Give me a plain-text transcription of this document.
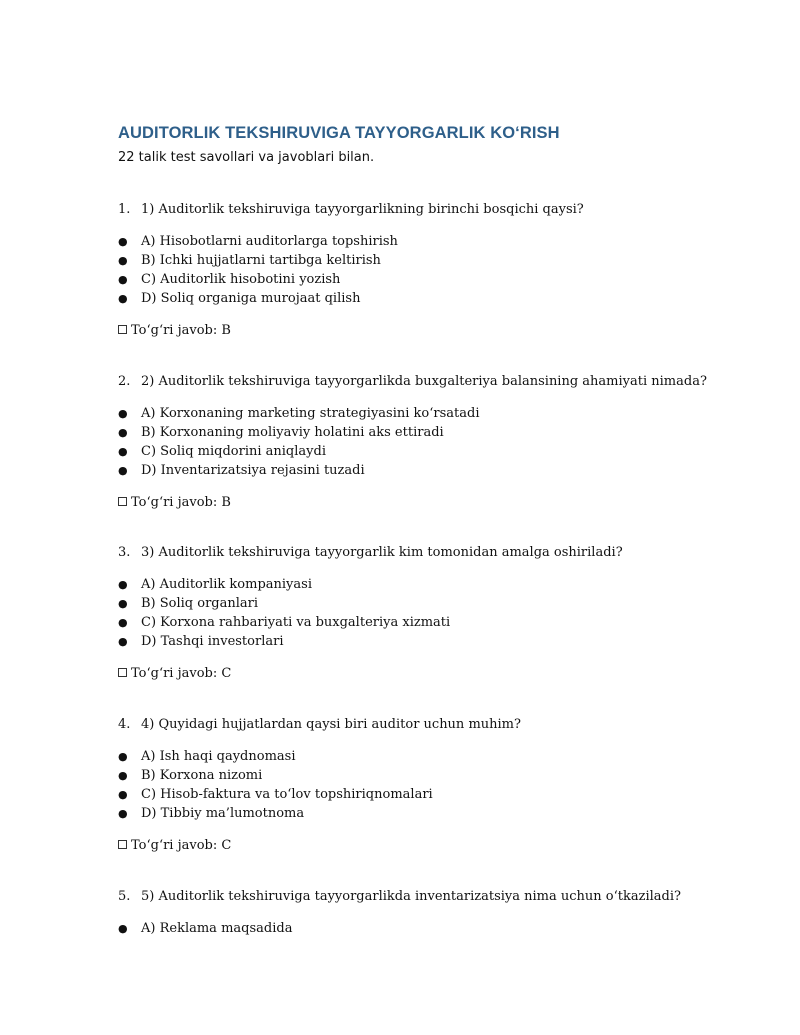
AUDITORLIK TEKSHIRUVIGA TAYYORGARLIK KO‘RISH
22 talik test savollari va javoblari bilan.
1. 1) Auditorlik tekshiruviga tayyorgarlikning birinchi bosqichi qaysi?
● A) Hisobotlarni auditorlarga topshirish
● B) Ichki hujjatlarni tartibga keltirish
● C) Auditorlik hisobotini yozish
● D) Soliq organiga murojaat qilish
To‘g‘ri javob: B
2. 2) Auditorlik tekshiruviga tayyorgarlikda buxgalteriya balansining ahamiyati nimada?
● A) Korxonaning marketing strategiyasini ko‘rsatadi
● B) Korxonaning moliyaviy holatini aks ettiradi
● C) Soliq miqdorini aniqlaydi
● D) Inventarizatsiya rejasini tuzadi
To‘g‘ri javob: B
3. 3) Auditorlik tekshiruviga tayyorgarlik kim tomonidan amalga oshiriladi?
● A) Auditorlik kompaniyasi
● B) Soliq organlari
● C) Korxona rahbariyati va buxgalteriya xizmati
● D) Tashqi investorlari
To‘g‘ri javob: C
4. 4) Quyidagi hujjatlardan qaysi biri auditor uchun muhim?
● A) Ish haqi qaydnomasi
● B) Korxona nizomi
● C) Hisob-faktura va to‘lov topshiriqnomalari
● D) Tibbiy ma’lumotnoma
To‘g‘ri javob: C
5. 5) Auditorlik tekshiruviga tayyorgarlikda inventarizatsiya nima uchun o‘tkaziladi?
● A) Reklama maqsadida
